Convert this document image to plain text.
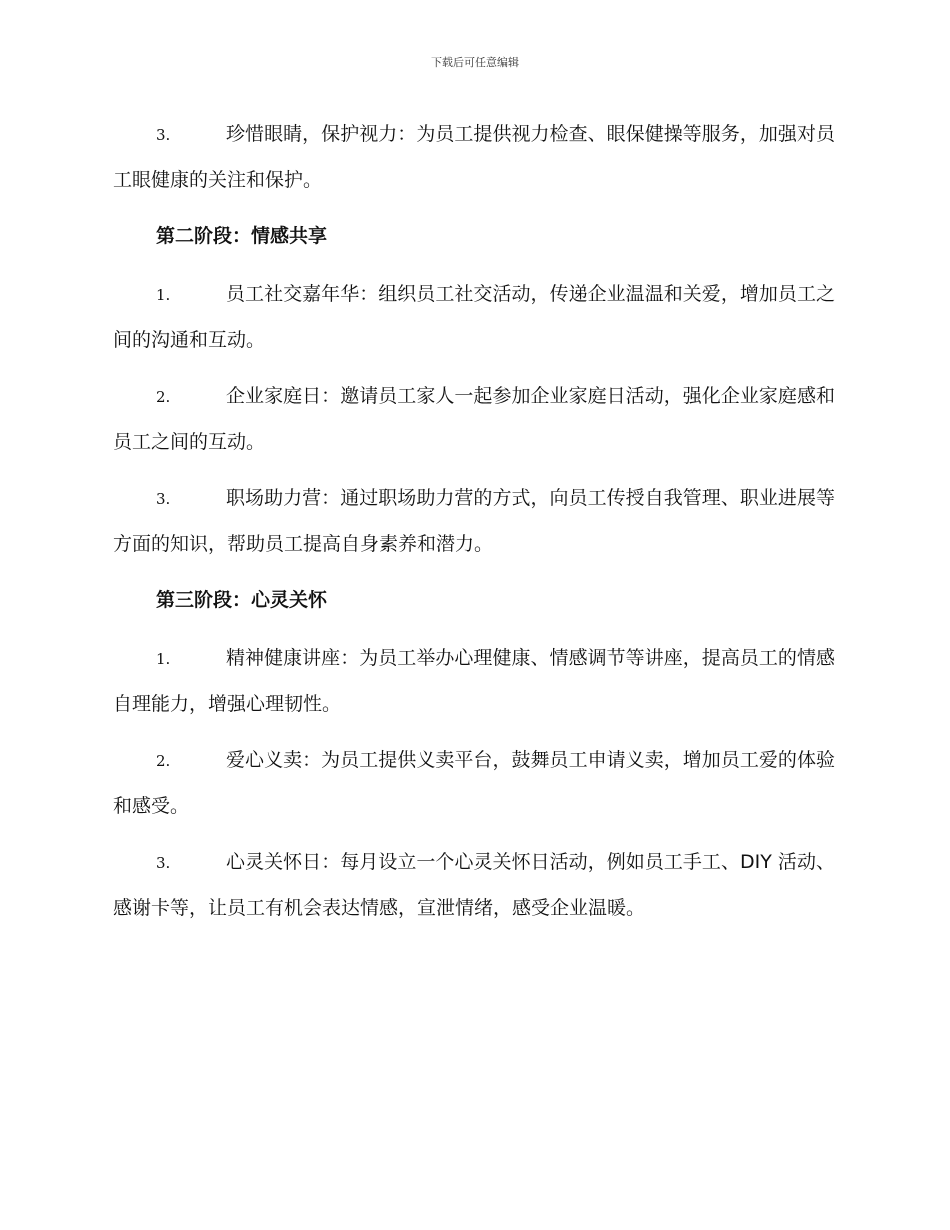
下载后可任意编辑

3.	珍惜眼睛，保护视力：为员工提供视力检查、眼保健操等服务，加强对员工眼健康的关注和保护。

第二阶段：情感共享

1.	员工社交嘉年华：组织员工社交活动，传递企业温温和关爱，增加员工之间的沟通和互动。

2.	企业家庭日：邀请员工家人一起参加企业家庭日活动，强化企业家庭感和员工之间的互动。

3.	职场助力营：通过职场助力营的方式，向员工传授自我管理、职业进展等方面的知识，帮助员工提高自身素养和潜力。

第三阶段：心灵关怀

1.	精神健康讲座：为员工举办心理健康、情感调节等讲座，提高员工的情感自理能力，增强心理韧性。

2.	爱心义卖：为员工提供义卖平台，鼓舞员工申请义卖，增加员工爱的体验和感受。

3.	心灵关怀日：每月设立一个心灵关怀日活动，例如员工手工、DIY 活动、感谢卡等，让员工有机会表达情感，宣泄情绪，感受企业温暖。
